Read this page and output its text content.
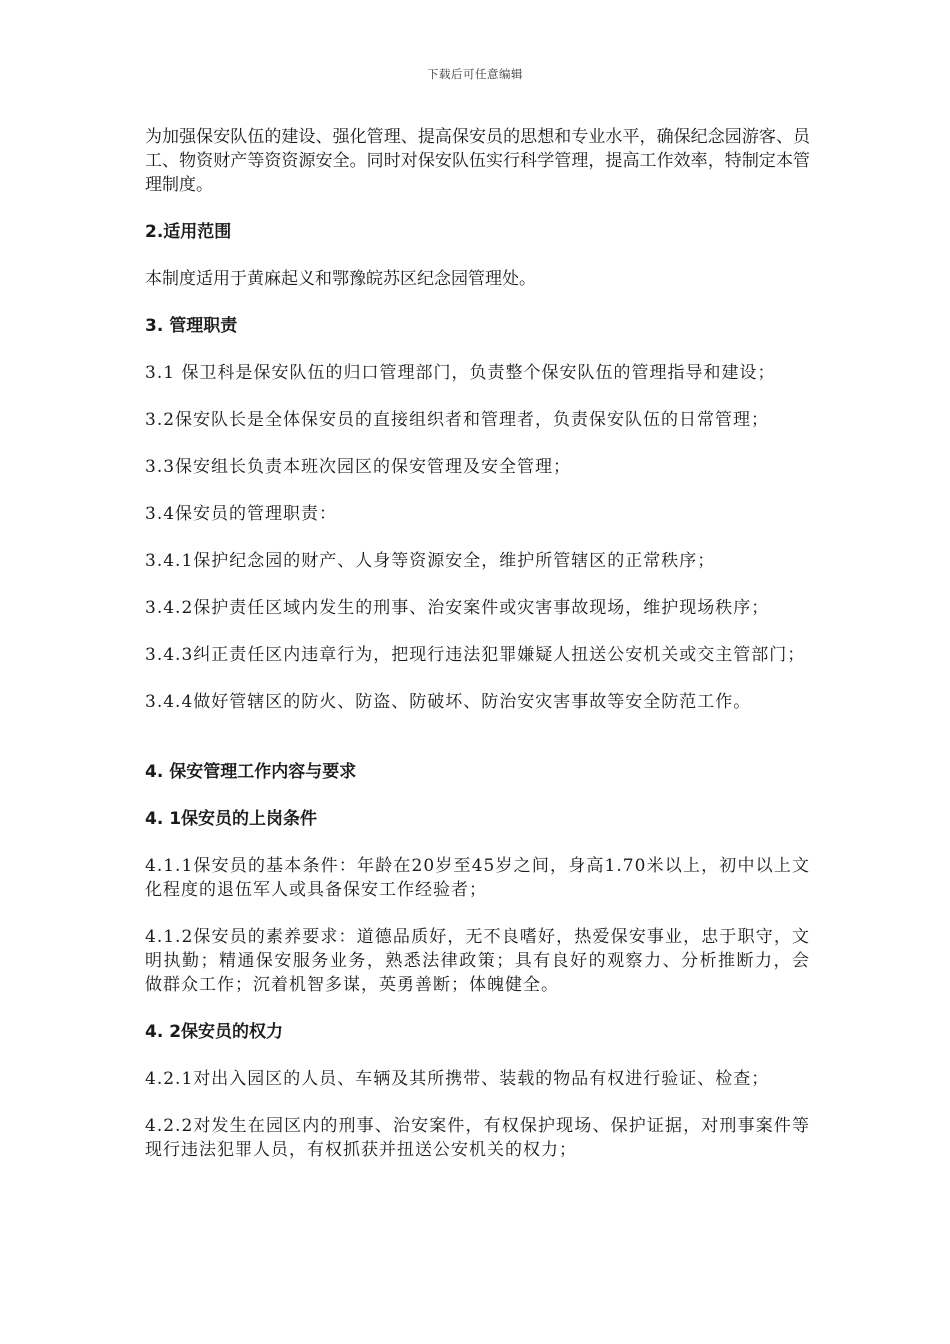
下载后可任意编辑

为加强保安队伍的建设、强化管理、提高保安员的思想和专业水平，确保纪念园游客、员工、物资财产等资资源安全。同时对保安队伍实行科学管理，提高工作效率，特制定本管理制度。

2.适用范围

本制度适用于黄麻起义和鄂豫皖苏区纪念园管理处。

3. 管理职责

3.1 保卫科是保安队伍的归口管理部门，负责整个保安队伍的管理指导和建设；

3.2保安队长是全体保安员的直接组织者和管理者，负责保安队伍的日常管理；

3.3保安组长负责本班次园区的保安管理及安全管理；

3.4保安员的管理职责：

3.4.1保护纪念园的财产、人身等资源安全，维护所管辖区的正常秩序；

3.4.2保护责任区域内发生的刑事、治安案件或灾害事故现场，维护现场秩序；

3.4.3纠正责任区内违章行为，把现行违法犯罪嫌疑人扭送公安机关或交主管部门；

3.4.4做好管辖区的防火、防盗、防破坏、防治安灾害事故等安全防范工作。

4. 保安管理工作内容与要求

4. 1保安员的上岗条件

4.1.1保安员的基本条件：年龄在20岁至45岁之间，身高1.70米以上，初中以上文化程度的退伍军人或具备保安工作经验者；

4.1.2保安员的素养要求：道德品质好，无不良嗜好，热爱保安事业，忠于职守，文明执勤；精通保安服务业务，熟悉法律政策；具有良好的观察力、分析推断力，会做群众工作；沉着机智多谋，英勇善断；体魄健全。

4. 2保安员的权力

4.2.1对出入园区的人员、车辆及其所携带、装载的物品有权进行验证、检查；

4.2.2对发生在园区内的刑事、治安案件，有权保护现场、保护证据，对刑事案件等现行违法犯罪人员，有权抓获并扭送公安机关的权力；
